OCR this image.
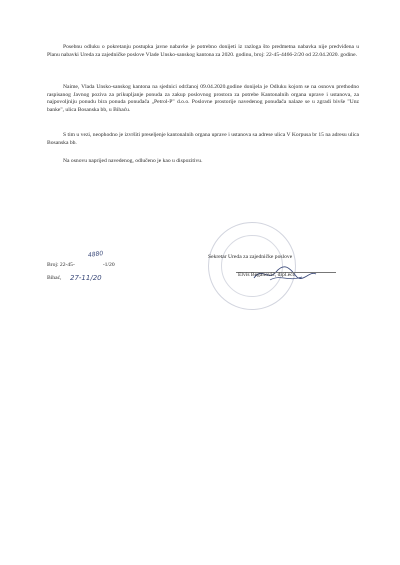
Posebnu odluku o pokretanju postupka javne nabavke je potrebno donijeti iz razloga što predmetna nabavka nije predviđena u Planu nabavki Ureda za zajedničke poslove Vlade Unsko-sanskog kantona za 2020. godinu, broj: 22-45-4466-2/20 od 22.04.2020. godine.
Naime, Vlada Unsko-sanskog kantona na sjednici održanoj 09.04.2020.godine donijela je Odluku kojom se na osnovu prethodno raspisanog Javnog poziva za prikupljanje ponuda za zakup poslovnog prostora za potrebe Kantonalnih organa uprave i ustanova, za najpovoljniju ponudu bira ponuda ponuđača „Petrol-P" d.o.o. Poslovne prostorije navedenog ponuđača nalaze se u zgradi bivše "Unz banke", ulica Bosanska bb, u Bihaću.
S tim u vezi, neophodno je izvršiti preseljenje kantonalnih organa uprave i ustanova sa adrese ulica V Korpusa br 15 na adresu ulica Bosanska bb.
Na osnovu naprijed navedenog, odlučeno je kao u dispozitivu.
Broj: 22-45-	-1/20
4880
Bihać, 27-11/20
Sekretar Ureda za zajedničke poslove
Elvis Beganović, dipl.ecc
